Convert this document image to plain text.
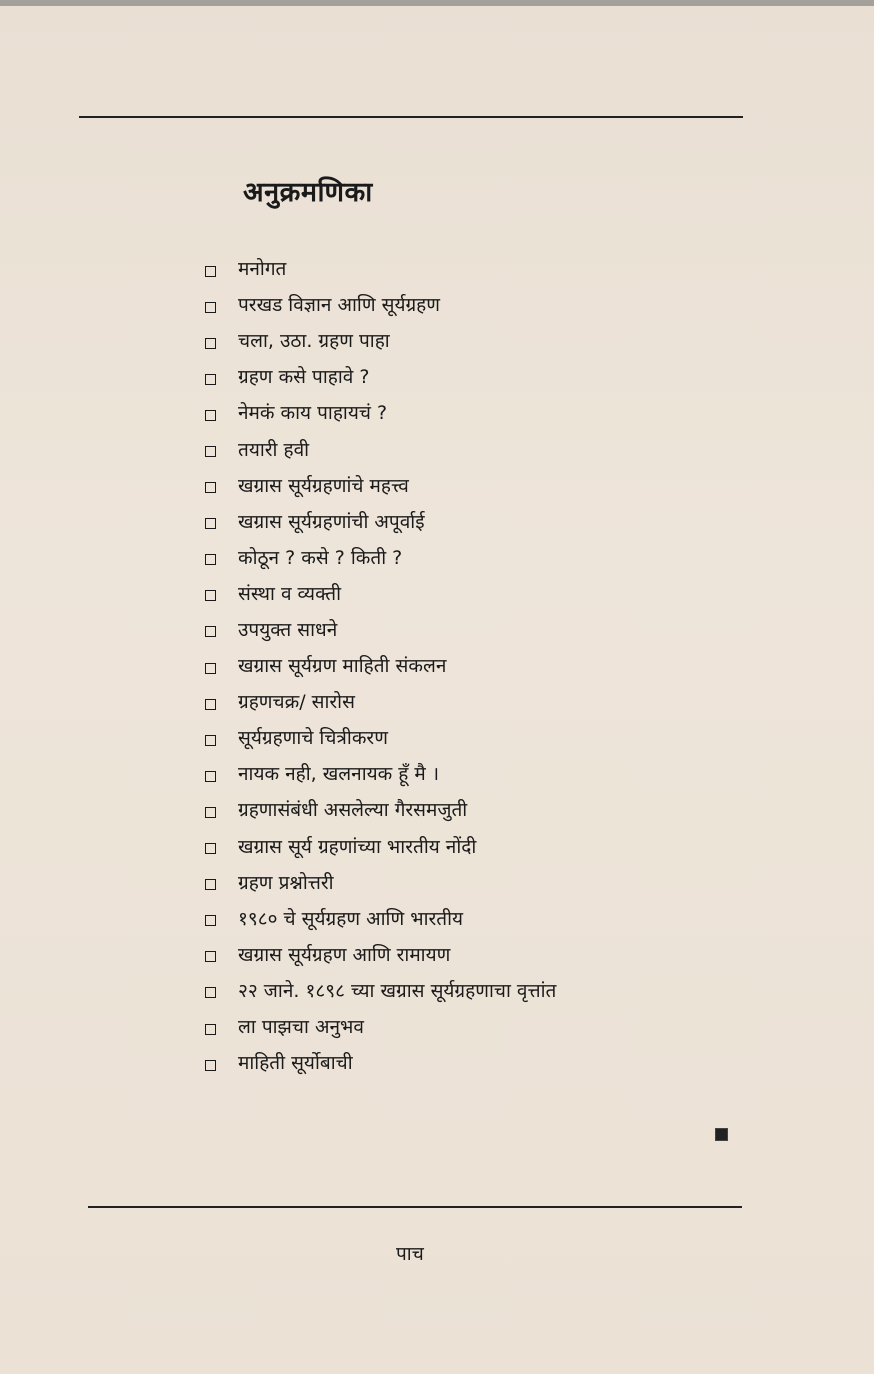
अनुक्रमणिका
मनोगत
परखड विज्ञान आणि सूर्यग्रहण
चला, उठा. ग्रहण पाहा
ग्रहण कसे पाहावे ?
नेमकं काय पाहायचं ?
तयारी हवी
खग्रास सूर्यग्रहणांचे महत्त्व
खग्रास सूर्यग्रहणांची अपूर्वाई
कोठून ? कसे ? किती ?
संस्था व व्यक्ती
उपयुक्त साधने
खग्रास सूर्यग्रण माहिती संकलन
ग्रहणचक्र/ सारोस
सूर्यग्रहणाचे चित्रीकरण
नायक नही, खलनायक हूँ मै ।
ग्रहणासंबंधी असलेल्या गैरसमजुती
खग्रास सूर्य ग्रहणांच्या भारतीय नोंदी
ग्रहण प्रश्नोत्तरी
१९८० चे सूर्यग्रहण आणि भारतीय
खग्रास सूर्यग्रहण आणि रामायण
२२ जाने. १८९८ च्या खग्रास सूर्यग्रहणाचा वृत्तांत
ला पाझचा अनुभव
माहिती सूर्योबाची
पाच
